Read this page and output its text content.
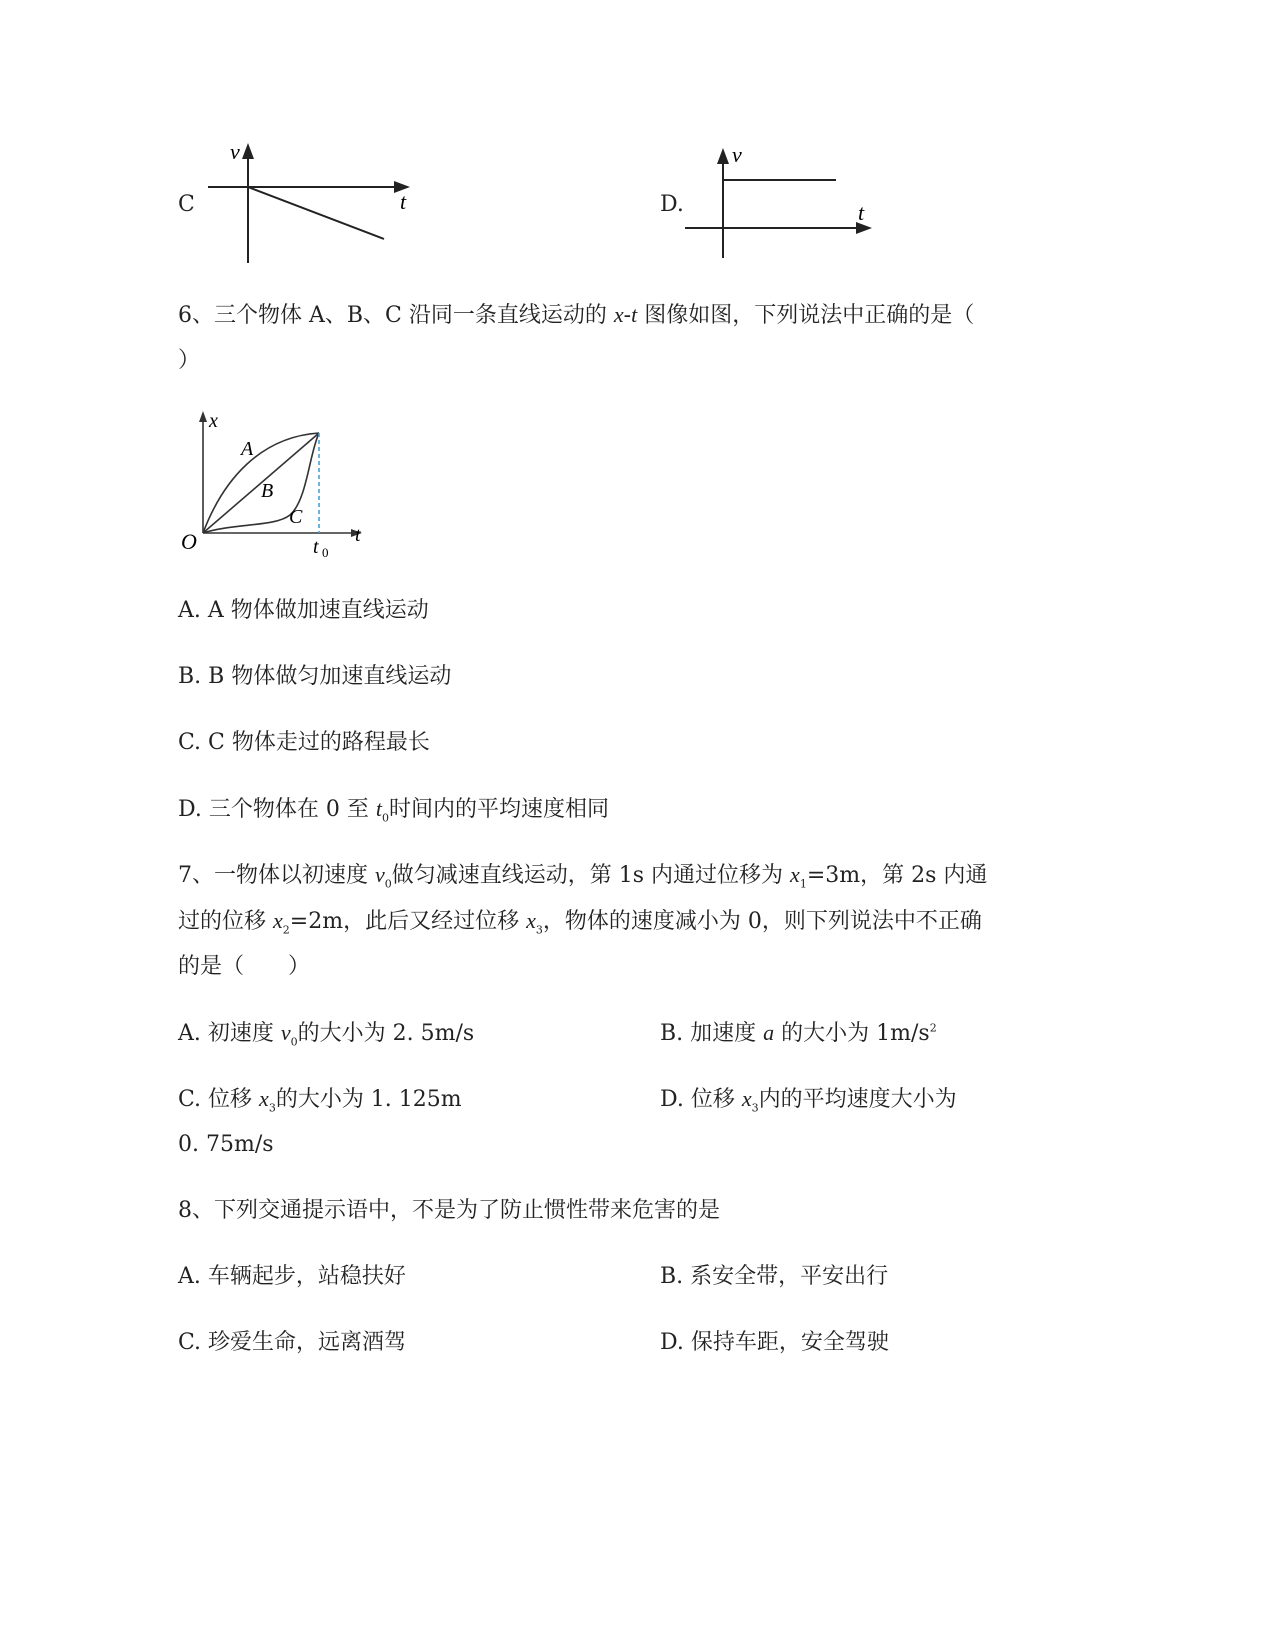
C
v
t	D.
v
t
6、三个物体 A、B、C 沿同一条直线运动的 x-t 图像如图，下列说法中正确的是（
）
x
t
O
A
B
C
t 0
A. A 物体做加速直线运动
B. B 物体做匀加速直线运动
C. C 物体走过的路程最长
D. 三个物体在 0 至 $t_0$时间内的平均速度相同
7、一物体以初速度 $v_0$做匀减速直线运动，第 1s 内通过位移为 $x_1=3m$，第 2s 内通
过的位移 $x_2=2m$，此后又经过位移 $x_3$，物体的速度减小为 0，则下列说法中不正确
的是（　　）
A. 初速度 $v_0$的大小为 2. 5m/s	B. 加速度 a 的大小为 $1m/s^2$
C. 位移 $x_3$的大小为 1. 125m	D. 位移 $x_3$内的平均速度大小为
0. 75m/s
8、下列交通提示语中，不是为了防止惯性带来危害的是
A. 车辆起步，站稳扶好	B. 系安全带，平安出行
C. 珍爱生命，远离酒驾	D. 保持车距，安全驾驶
